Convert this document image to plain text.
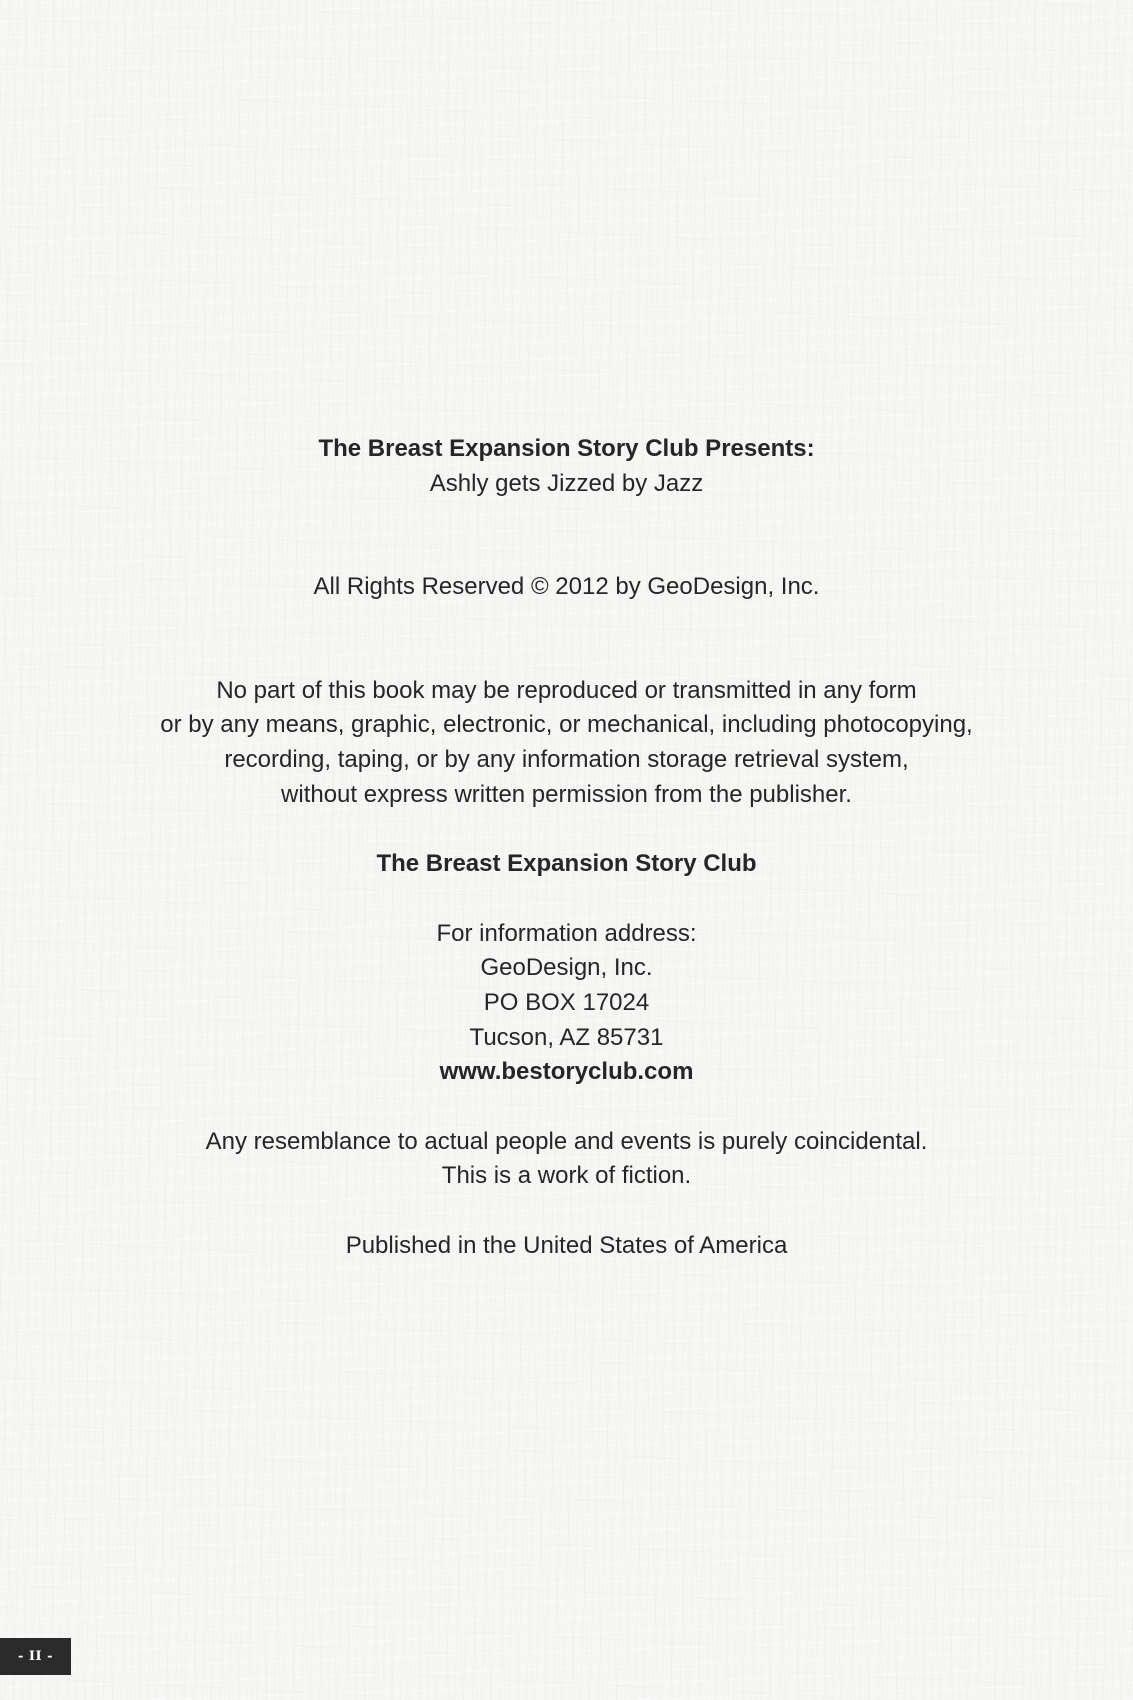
The Breast Expansion Story Club Presents:
Ashly gets Jizzed by Jazz
All Rights Reserved © 2012 by GeoDesign, Inc.
No part of this book may be reproduced or transmitted in any form
or by any means, graphic, electronic, or mechanical, including photocopying,
recording, taping, or by any information storage retrieval system,
without express written permission from the publisher.
The Breast Expansion Story Club
For information address:
GeoDesign, Inc.
PO BOX 17024
Tucson, AZ 85731
www.bestoryclub.com
Any resemblance to actual people and events is purely coincidental.
This is a work of fiction.
Published in the United States of America
- II -
